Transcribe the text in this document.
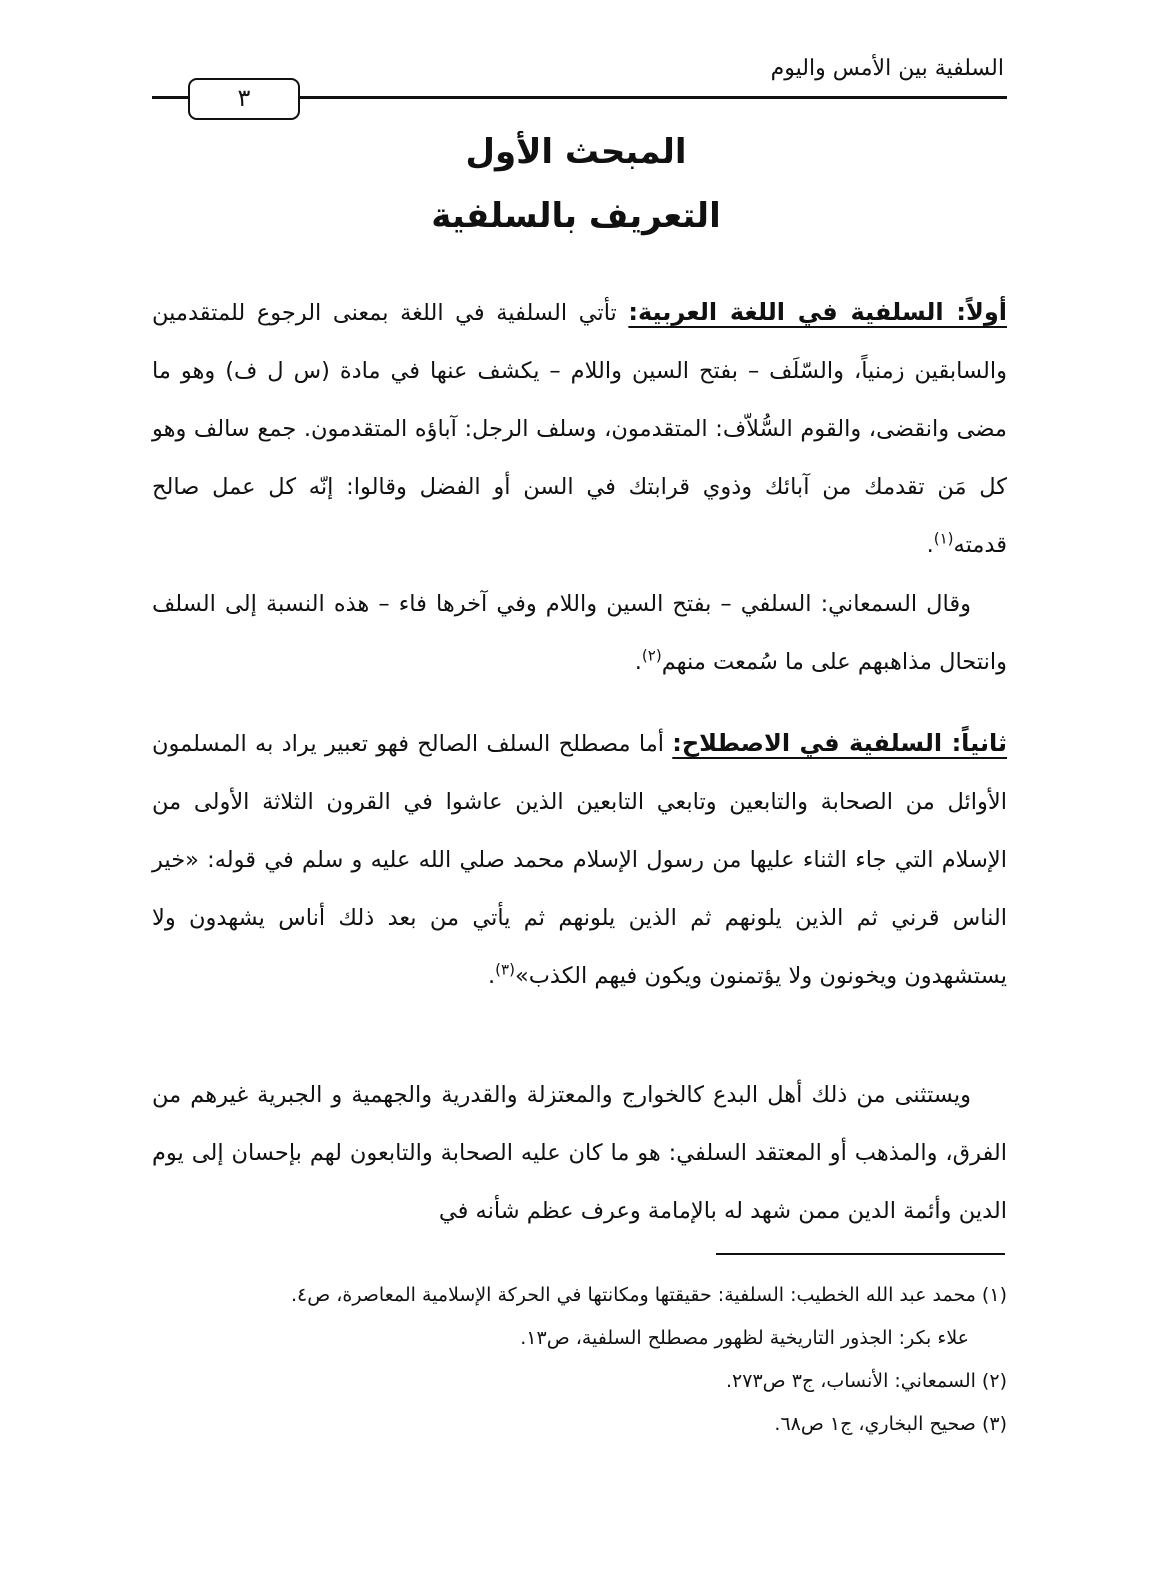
السلفية بين الأمس واليوم
٣
المبحث الأول
التعريف بالسلفية

أولاً: السلفية في اللغة العربية: تأتي السلفية في اللغة بمعنى الرجوع للمتقدمين والسابقين زمنياً، والسّلَف – بفتح السين واللام – يكشف عنها في مادة (س ل ف) وهو ما مضى وانقضى، والقوم السُّلاّف: المتقدمون، وسلف الرجل: آباؤه المتقدمون. جمع سالف وهو كل مَن تقدمك من آبائك وذوي قرابتك في السن أو الفضل وقالوا: إنّه كل عمل صالح قدمته$^{(١)}$.

وقال السمعاني: السلفي – بفتح السين واللام وفي آخرها فاء – هذه النسبة إلى السلف وانتحال مذاهبهم على ما سُمعت منهم$^{(٢)}$.

ثانياً: السلفية في الاصطلاح: أما مصطلح السلف الصالح فهو تعبير يراد به المسلمون الأوائل من الصحابة والتابعين وتابعي التابعين الذين عاشوا في القرون الثلاثة الأولى من الإسلام التي جاء الثناء عليها من رسول الإسلام محمد صلي الله عليه و سلم في قوله: «خير الناس قرني ثم الذين يلونهم ثم الذين يلونهم ثم يأتي من بعد ذلك أناس يشهدون ولا يستشهدون ويخونون ولا يؤتمنون ويكون فيهم الكذب»$^{(٣)}$.

ويستثنى من ذلك أهل البدع كالخوارج والمعتزلة والقدرية والجهمية و الجبرية غيرهم من الفرق، والمذهب أو المعتقد السلفي: هو ما كان عليه الصحابة والتابعون لهم بإحسان إلى يوم الدين وأئمة الدين ممن شهد له بالإمامة وعرف عظم شأنه في

(١) محمد عبد الله الخطيب: السلفية: حقيقتها ومكانتها في الحركة الإسلامية المعاصرة، ص٤.
علاء بكر: الجذور التاريخية لظهور مصطلح السلفية، ص١٣.
(٢) السمعاني: الأنساب، ج٣ ص٢٧٣.
(٣) صحيح البخاري، ج١ ص٦٨.
